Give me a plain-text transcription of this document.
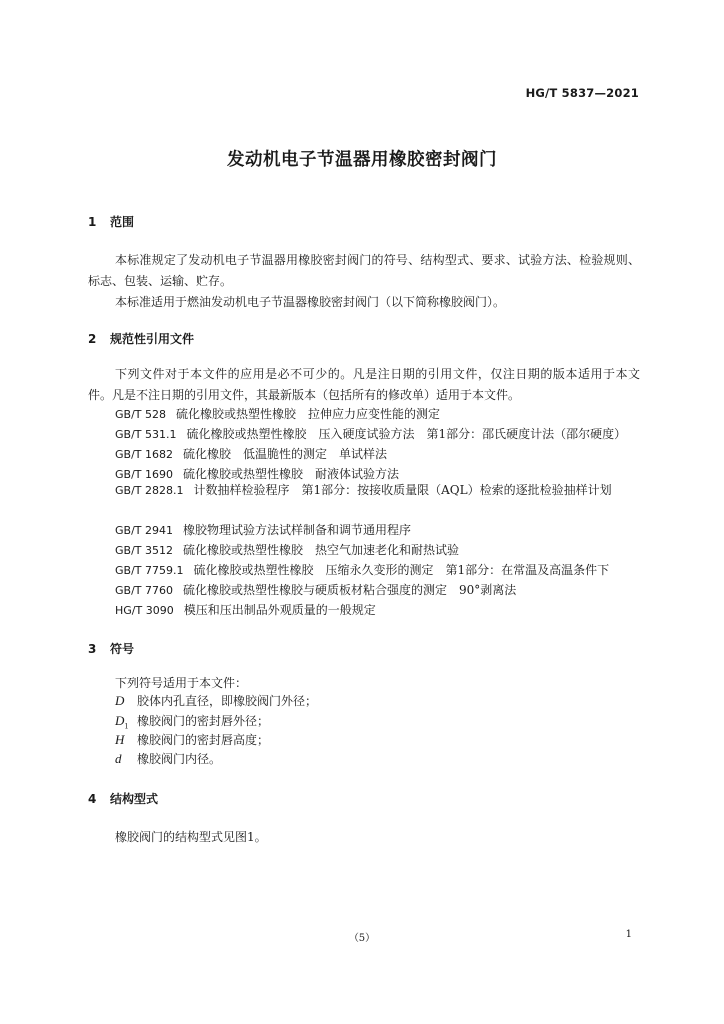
HG/T 5837—2021
发动机电子节温器用橡胶密封阀门
1 范围
本标准规定了发动机电子节温器用橡胶密封阀门的符号、结构型式、要求、试验方法、检验规则、标志、包装、运输、贮存。
本标准适用于燃油发动机电子节温器橡胶密封阀门（以下简称橡胶阀门）。
2 规范性引用文件
下列文件对于本文件的应用是必不可少的。凡是注日期的引用文件，仅注日期的版本适用于本文件。凡是不注日期的引用文件，其最新版本（包括所有的修改单）适用于本文件。
GB/T 528 硫化橡胶或热塑性橡胶　拉伸应力应变性能的测定
GB/T 531.1 硫化橡胶或热塑性橡胶　压入硬度试验方法　第1部分：邵氏硬度计法（邵尔硬度）
GB/T 1682 硫化橡胶　低温脆性的测定　单试样法
GB/T 1690 硫化橡胶或热塑性橡胶　耐液体试验方法
GB/T 2828.1 计数抽样检验程序　第1部分：按接收质量限（AQL）检索的逐批检验抽样计划
GB/T 2941 橡胶物理试验方法试样制备和调节通用程序
GB/T 3512 硫化橡胶或热塑性橡胶　热空气加速老化和耐热试验
GB/T 7759.1 硫化橡胶或热塑性橡胶　压缩永久变形的测定　第1部分：在常温及高温条件下
GB/T 7760 硫化橡胶或热塑性橡胶与硬质板材粘合强度的测定　90°剥离法
HG/T 3090 模压和压出制品外观质量的一般规定
3 符号
下列符号适用于本文件：
D 胶体内孔直径，即橡胶阀门外径；
$D_1$ 橡胶阀门的密封唇外径；
H 橡胶阀门的密封唇高度；
d 橡胶阀门内径。
4 结构型式
橡胶阀门的结构型式见图1。
（5）	1
